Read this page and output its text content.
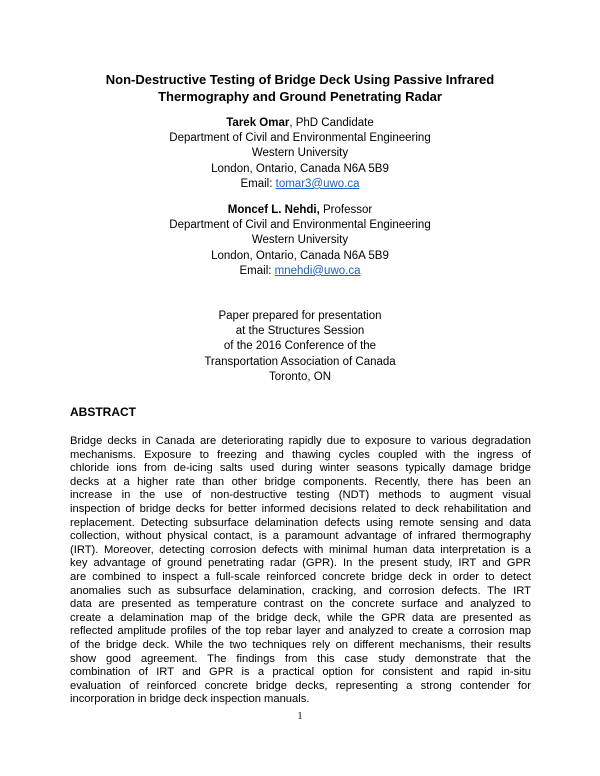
Non-Destructive Testing of Bridge Deck Using Passive Infrared
Thermography and Ground Penetrating Radar
Tarek Omar, PhD Candidate
Department of Civil and Environmental Engineering
Western University
London, Ontario, Canada N6A 5B9
Email: tomar3@uwo.ca
Moncef L. Nehdi, Professor
Department of Civil and Environmental Engineering
Western University
London, Ontario, Canada N6A 5B9
Email: mnehdi@uwo.ca
Paper prepared for presentation
at the Structures Session
of the 2016 Conference of the
Transportation Association of Canada
Toronto, ON
ABSTRACT
Bridge decks in Canada are deteriorating rapidly due to exposure to various degradation
mechanisms. Exposure to freezing and thawing cycles coupled with the ingress of
chloride ions from de-icing salts used during winter seasons typically damage bridge
decks at a higher rate than other bridge components. Recently, there has been an
increase in the use of non-destructive testing (NDT) methods to augment visual
inspection of bridge decks for better informed decisions related to deck rehabilitation and
replacement. Detecting subsurface delamination defects using remote sensing and data
collection, without physical contact, is a paramount advantage of infrared thermography
(IRT). Moreover, detecting corrosion defects with minimal human data interpretation is a
key advantage of ground penetrating radar (GPR). In the present study, IRT and GPR
are combined to inspect a full-scale reinforced concrete bridge deck in order to detect
anomalies such as subsurface delamination, cracking, and corrosion defects. The IRT
data are presented as temperature contrast on the concrete surface and analyzed to
create a delamination map of the bridge deck, while the GPR data are presented as
reflected amplitude profiles of the top rebar layer and analyzed to create a corrosion map
of the bridge deck. While the two techniques rely on different mechanisms, their results
show good agreement. The findings from this case study demonstrate that the
combination of IRT and GPR is a practical option for consistent and rapid in-situ
evaluation of reinforced concrete bridge decks, representing a strong contender for
incorporation in bridge deck inspection manuals.
1
